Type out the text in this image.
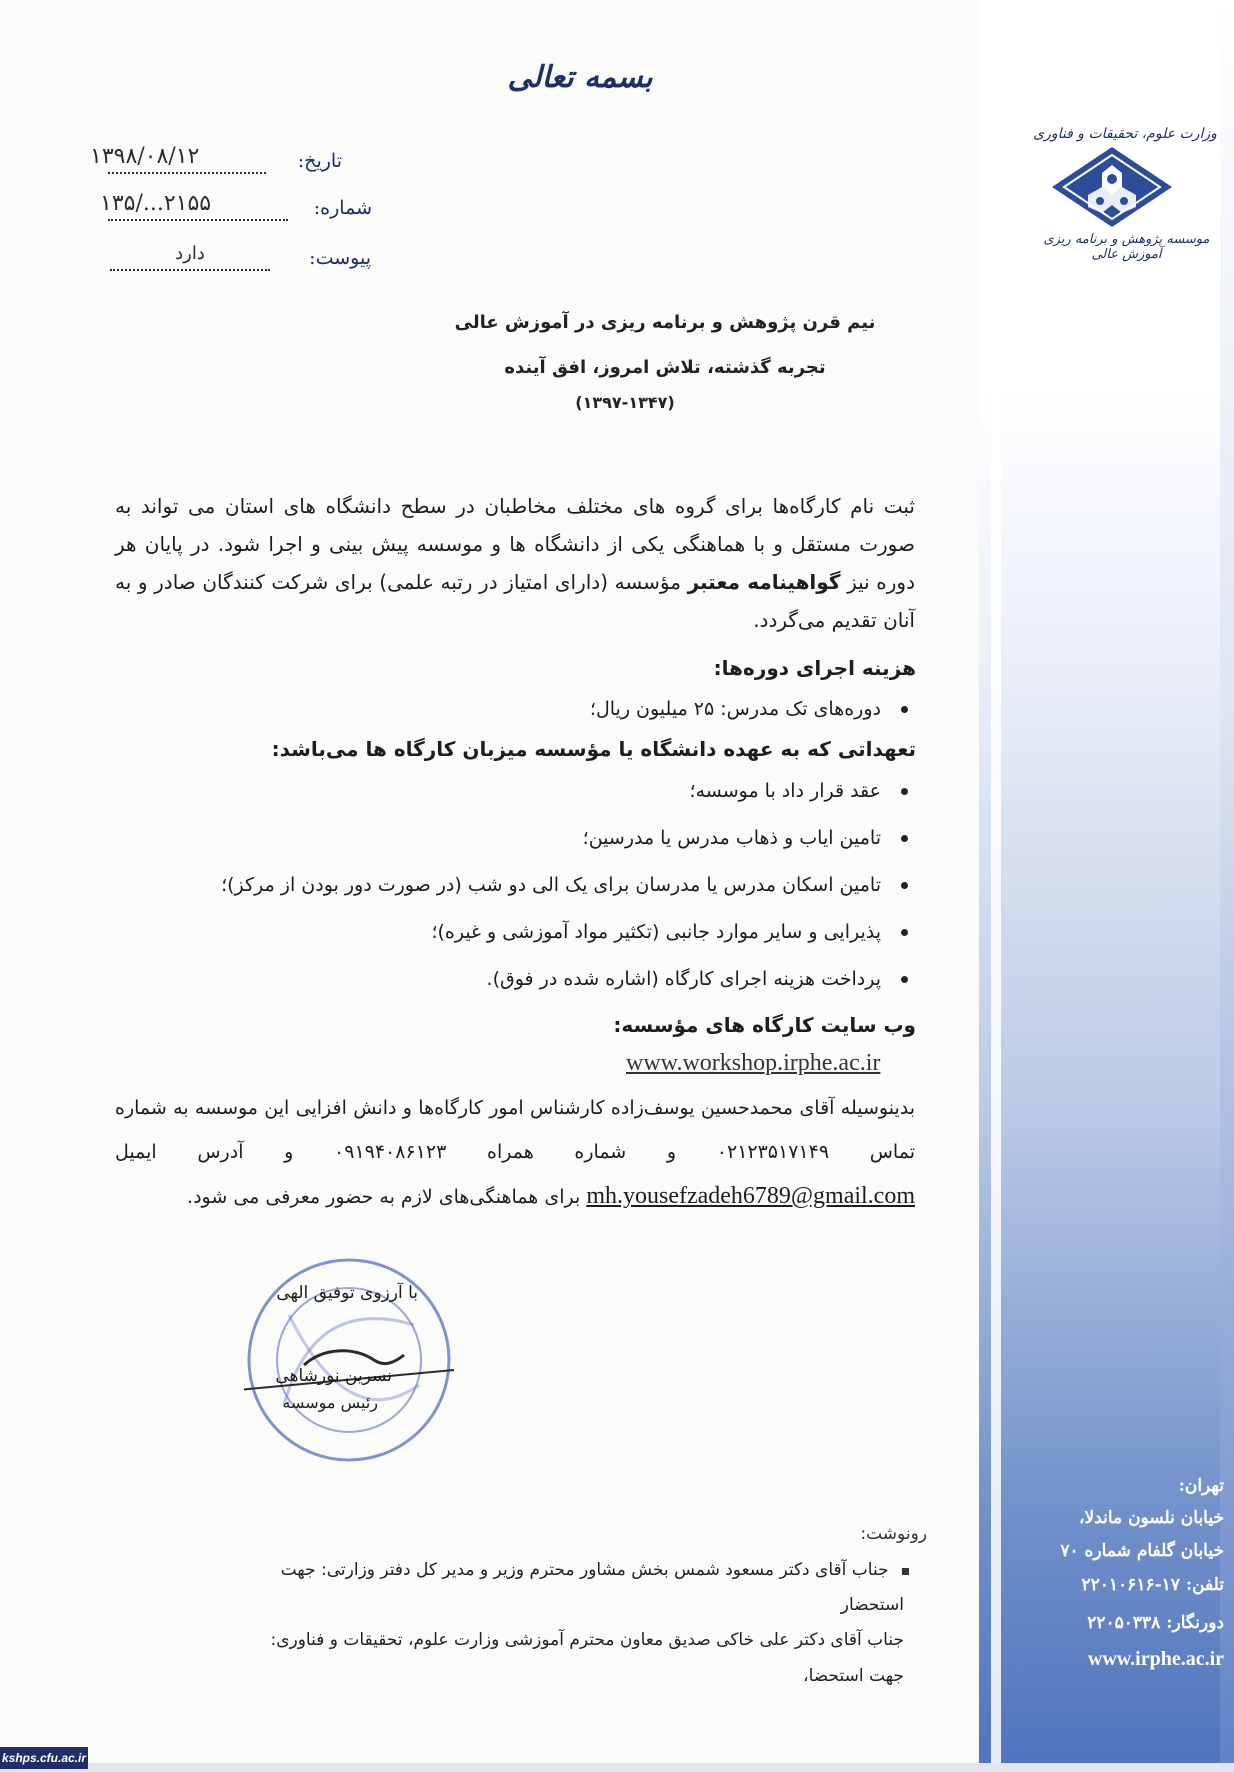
وزارت علوم، تحقیقات و فناوری
موسسه پژوهش و برنامه ریزی آموزش عالی
بسمه تعالی
تاریخ:
۱۳۹۸/۰۸/۱۲
شماره:
۱۳۵/...۲۱۵۵
پیوست:
دارد
نیم قرن پژوهش و برنامه ریزی در آموزش عالی
تجربه گذشته، تلاش امروز، افق آینده
(۱۳۹۷-۱۳۴۷)
ثبت نام کارگاه‌ها برای گروه های مختلف مخاطبان در سطح دانشگاه های استان می تواند به صورت مستقل و با هماهنگی یکی از دانشگاه ها و موسسه پیش بینی و اجرا شود. در پایان هر دوره نیز گواهینامه معتبر مؤسسه (دارای امتیاز در رتبه علمی) برای شرکت کنندگان صادر و به آنان تقدیم می‌گردد.
هزینه اجرای دوره‌ها:
دوره‌های تک مدرس: ۲۵ میلیون ریال؛
تعهداتی که به عهده دانشگاه یا مؤسسه میزبان کارگاه ها می‌باشد:
عقد قرار داد با موسسه؛
تامین ایاب و ذهاب مدرس یا مدرسین؛
تامین اسکان مدرس یا مدرسان برای یک الی دو شب (در صورت دور بودن از مرکز)؛
پذیرایی و سایر موارد جانبی (تکثیر مواد آموزشی و غیره)؛
پرداخت هزینه اجرای کارگاه (اشاره شده در فوق).
وب سایت کارگاه های مؤسسه:
www.workshop.irphe.ac.ir
بدینوسیله آقای محمدحسین یوسف‌زاده کارشناس امور کارگاه‌ها و دانش افزایی این موسسه به شماره تماس ۰۲۱۲۳۵۱۷۱۴۹ و شماره همراه ۰۹۱۹۴۰۸۶۱۲۳ و آدرس ایمیل mh.yousefzadeh6789@gmail.com برای هماهنگی‌های لازم به حضور معرفی می شود.
با آرزوی توفیق الهی
نسرین نورشاهی
رئیس موسسه
رونوشت:
جناب آقای دکتر مسعود شمس بخش مشاور محترم وزیر و مدیر کل دفتر وزارتی: جهت
استحضار
جناب آقای دکتر علی خاکی صدیق معاون محترم آموزشی وزارت علوم، تحقیقات و فناوری:
جهت استحضا،
تهران:
خیابان نلسون ماندلا،
خیابان گلفام شماره ۷۰
تلفن: ۱۷-۲۲۰۱۰۶۱۶
دورنگار: ۲۲۰۵۰۳۳۸
www.irphe.ac.ir
kshps.cfu.ac.ir
